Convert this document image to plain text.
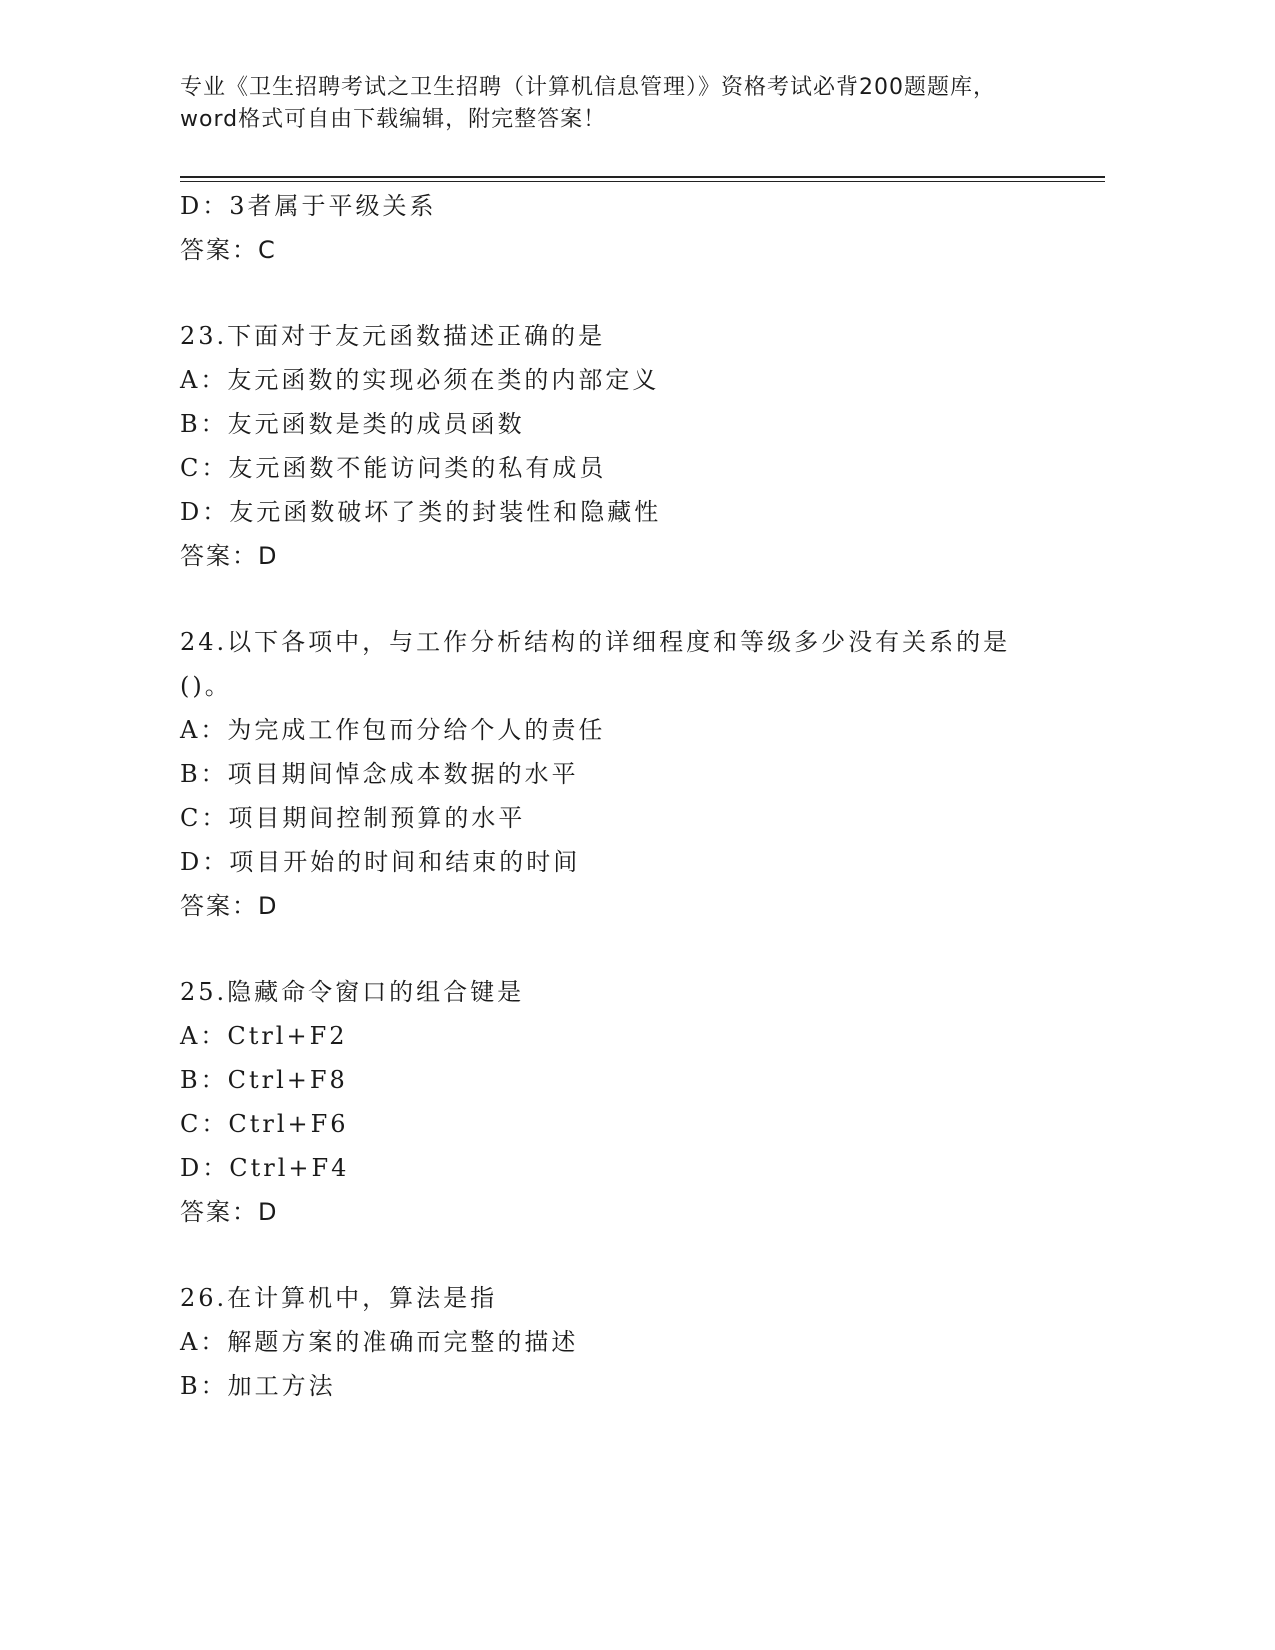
专业《卫生招聘考试之卫生招聘（计算机信息管理）》资格考试必背200题题库，
word格式可自由下载编辑，附完整答案！
D：3者属于平级关系
答案：C
23.下面对于友元函数描述正确的是
A：友元函数的实现必须在类的内部定义
B：友元函数是类的成员函数
C：友元函数不能访问类的私有成员
D：友元函数破坏了类的封装性和隐藏性
答案：D
24.以下各项中，与工作分析结构的详细程度和等级多少没有关系的是
()。
A：为完成工作包而分给个人的责任
B：项目期间悼念成本数据的水平
C：项目期间控制预算的水平
D：项目开始的时间和结束的时间
答案：D
25.隐藏命令窗口的组合键是
A：Ctrl+F2
B：Ctrl+F8
C：Ctrl+F6
D：Ctrl+F4
答案：D
26.在计算机中，算法是指
A：解题方案的准确而完整的描述
B：加工方法
